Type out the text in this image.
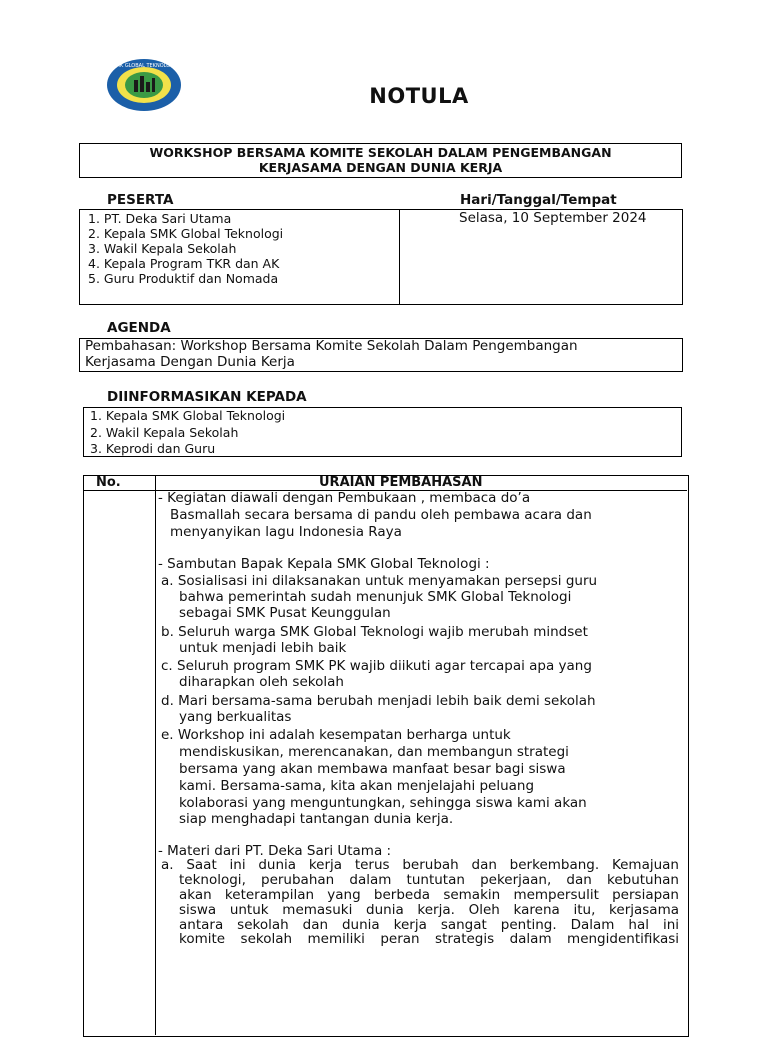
SMK GLOBAL TEKNOLOGI
NOTULA
WORKSHOP BERSAMA KOMITE SEKOLAH DALAM PENGEMBANGAN
KERJASAMA DENGAN DUNIA KERJA
PESERTA	Hari/Tanggal/Tempat
1. PT. Deka Sari Utama
2. Kepala SMK Global Teknologi
3. Wakil Kepala Sekolah
4. Kepala Program TKR dan AK
5. Guru Produktif dan Nomada
Selasa, 10 September 2024
AGENDA
Pembahasan: Workshop Bersama Komite Sekolah Dalam Pengembangan
Kerjasama Dengan Dunia Kerja
DIINFORMASIKAN KEPADA
1. Kepala SMK Global Teknologi
2. Wakil Kepala Sekolah
3. Keprodi dan Guru
No.	URAIAN PEMBAHASAN
- Kegiatan diawali dengan Pembukaan , membaca do’a
Basmallah secara bersama di pandu oleh pembawa acara dan
menyanyikan lagu Indonesia Raya
- Sambutan Bapak Kepala SMK Global Teknologi :
a. Sosialisasi ini dilaksanakan untuk menyamakan persepsi guru
bahwa pemerintah sudah menunjuk SMK Global Teknologi
sebagai SMK Pusat Keunggulan
b. Seluruh warga SMK Global Teknologi wajib merubah mindset
untuk menjadi lebih baik
c. Seluruh program SMK PK wajib diikuti agar tercapai apa yang
diharapkan oleh sekolah
d. Mari bersama-sama berubah menjadi lebih baik demi sekolah
yang berkualitas
e. Workshop ini adalah kesempatan berharga untuk
mendiskusikan, merencanakan, dan membangun strategi
bersama yang akan membawa manfaat besar bagi siswa
kami. Bersama-sama, kita akan menjelajahi peluang
kolaborasi yang menguntungkan, sehingga siswa kami akan
siap menghadapi tantangan dunia kerja.
- Materi dari PT. Deka Sari Utama :
a. Saat ini dunia kerja terus berubah dan berkembang. Kemajuan
teknologi, perubahan dalam tuntutan pekerjaan, dan kebutuhan
akan keterampilan yang berbeda semakin mempersulit persiapan
siswa untuk memasuki dunia kerja. Oleh karena itu, kerjasama
antara sekolah dan dunia kerja sangat penting. Dalam hal ini
komite sekolah memiliki peran strategis dalam mengidentifikasi
